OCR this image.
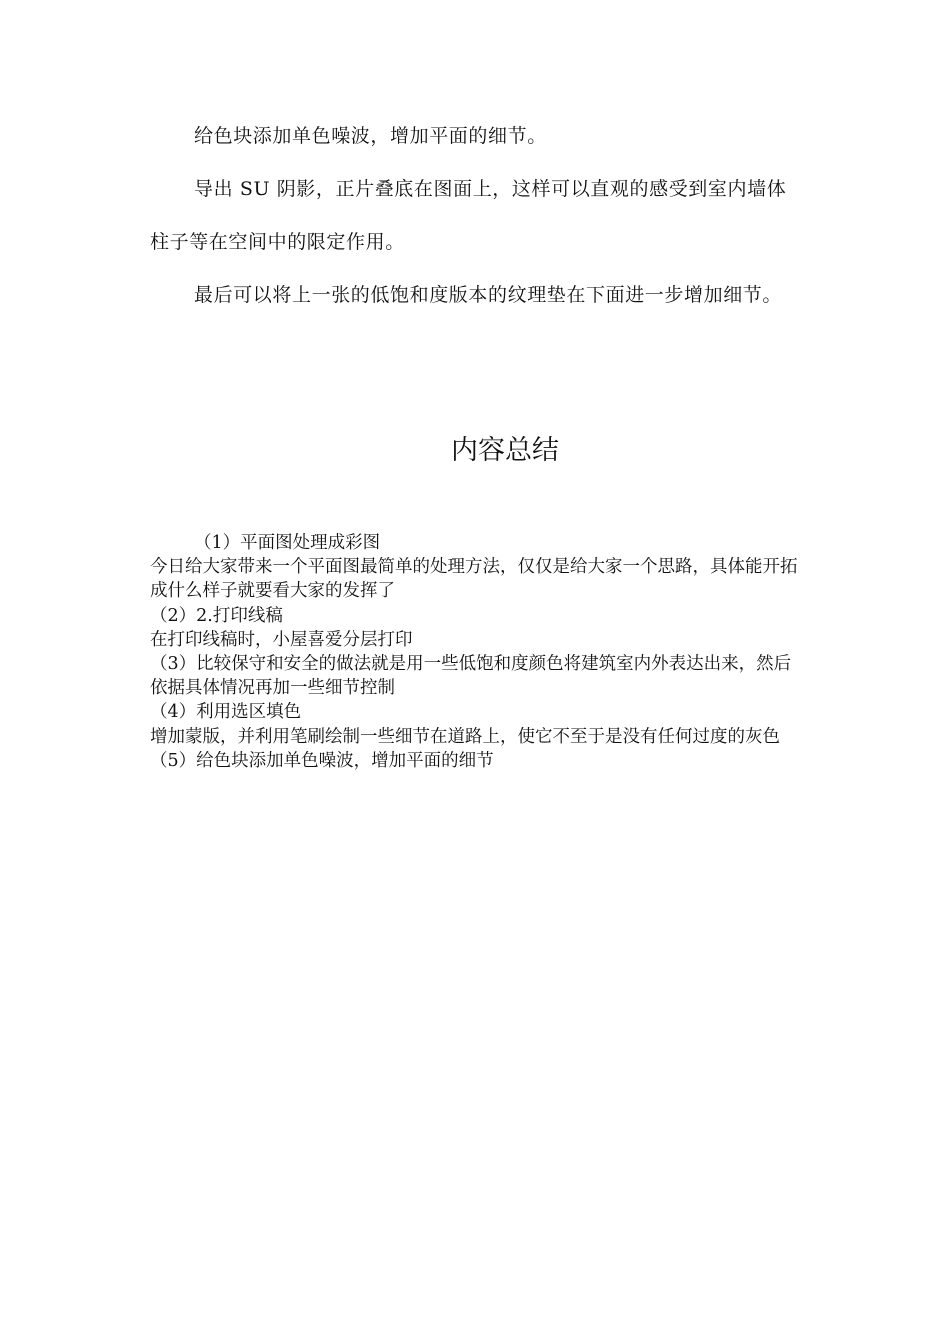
给色块添加单色噪波，增加平面的细节。

导出 SU 阴影，正片叠底在图面上，这样可以直观的感受到室内墙体柱子等在空间中的限定作用。

最后可以将上一张的低饱和度版本的纹理垫在下面进一步增加细节。

内容总结

（1）平面图处理成彩图

今日给大家带来一个平面图最简单的处理方法，仅仅是给大家一个思路，具体能开拓成什么样子就要看大家的发挥了

（2）2.打印线稿

在打印线稿时，小屋喜爱分层打印

（3）比较保守和安全的做法就是用一些低饱和度颜色将建筑室内外表达出来，然后依据具体情况再加一些细节控制

（4）利用选区填色

增加蒙版，并利用笔刷绘制一些细节在道路上，使它不至于是没有任何过度的灰色

（5）给色块添加单色噪波，增加平面的细节
